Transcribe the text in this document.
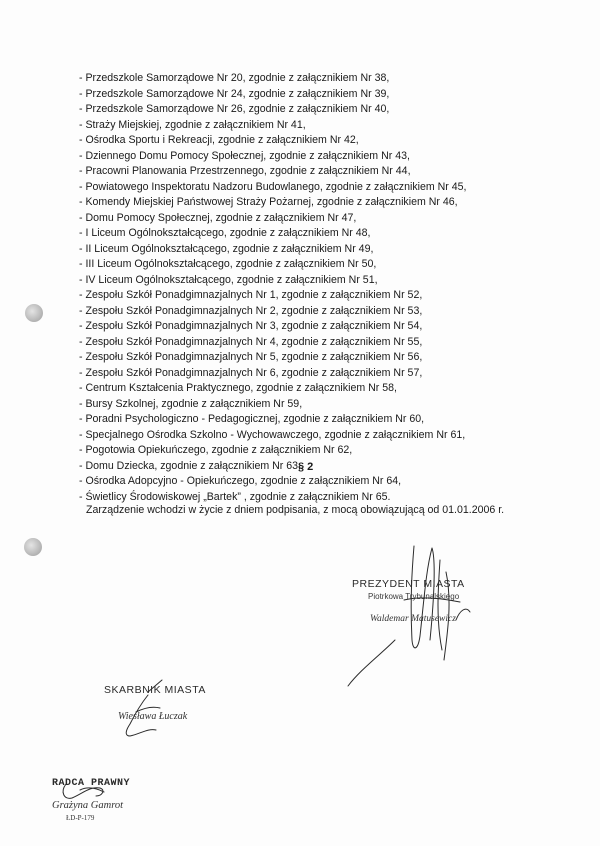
- Przedszkole Samorządowe Nr 20, zgodnie z załącznikiem Nr 38,
- Przedszkole Samorządowe Nr 24, zgodnie z załącznikiem Nr 39,
- Przedszkole Samorządowe Nr 26, zgodnie z załącznikiem Nr 40,
- Straży Miejskiej, zgodnie z załącznikiem Nr 41,
- Ośrodka Sportu i Rekreacji, zgodnie z załącznikiem Nr 42,
- Dziennego Domu Pomocy Społecznej, zgodnie z załącznikiem Nr 43,
- Pracowni Planowania Przestrzennego, zgodnie z załącznikiem Nr 44,
- Powiatowego Inspektoratu Nadzoru Budowlanego, zgodnie z załącznikiem Nr 45,
- Komendy Miejskiej Państwowej Straży Pożarnej, zgodnie z załącznikiem Nr 46,
- Domu Pomocy Społecznej, zgodnie z załącznikiem Nr 47,
- I Liceum Ogólnokształcącego, zgodnie z załącznikiem Nr 48,
- II Liceum Ogólnokształcącego, zgodnie z załącznikiem Nr 49,
- III Liceum Ogólnokształcącego, zgodnie z załącznikiem Nr 50,
- IV Liceum Ogólnokształcącego, zgodnie z załącznikiem Nr 51,
- Zespołu Szkół Ponadgimnazjalnych Nr 1, zgodnie z załącznikiem Nr 52,
- Zespołu Szkół Ponadgimnazjalnych Nr 2, zgodnie z załącznikiem Nr 53,
- Zespołu Szkół Ponadgimnazjalnych Nr 3, zgodnie z załącznikiem Nr 54,
- Zespołu Szkół Ponadgimnazjalnych Nr 4, zgodnie z załącznikiem Nr 55,
- Zespołu Szkół Ponadgimnazjalnych Nr 5, zgodnie z załącznikiem Nr 56,
- Zespołu Szkół Ponadgimnazjalnych Nr 6, zgodnie z załącznikiem Nr 57,
- Centrum Kształcenia Praktycznego, zgodnie z załącznikiem Nr 58,
- Bursy Szkolnej, zgodnie z załącznikiem Nr 59,
- Poradni Psychologiczno - Pedagogicznej, zgodnie z załącznikiem Nr 60,
- Specjalnego Ośrodka Szkolno - Wychowawczego, zgodnie z załącznikiem Nr 61,
- Pogotowia Opiekuńczego, zgodnie z załącznikiem Nr 62,
- Domu Dziecka, zgodnie z załącznikiem Nr 63,
- Ośrodka Adopcyjno - Opiekuńczego, zgodnie z załącznikiem Nr 64,
- Świetlicy Środowiskowej „Bartek” , zgodnie z załącznikiem Nr 65.
§ 2
Zarządzenie wchodzi w życie z dniem podpisania, z mocą obowiązującą od 01.01.2006 r.
PREZYDENT MIASTA
Piotrkowa Trybunalskiego
Waldemar Matusewicz
SKARBNIK MIASTA
Wiesława Łuczak
RADCA PRAWNY
Grażyna Gamrot
ŁD-P-179
